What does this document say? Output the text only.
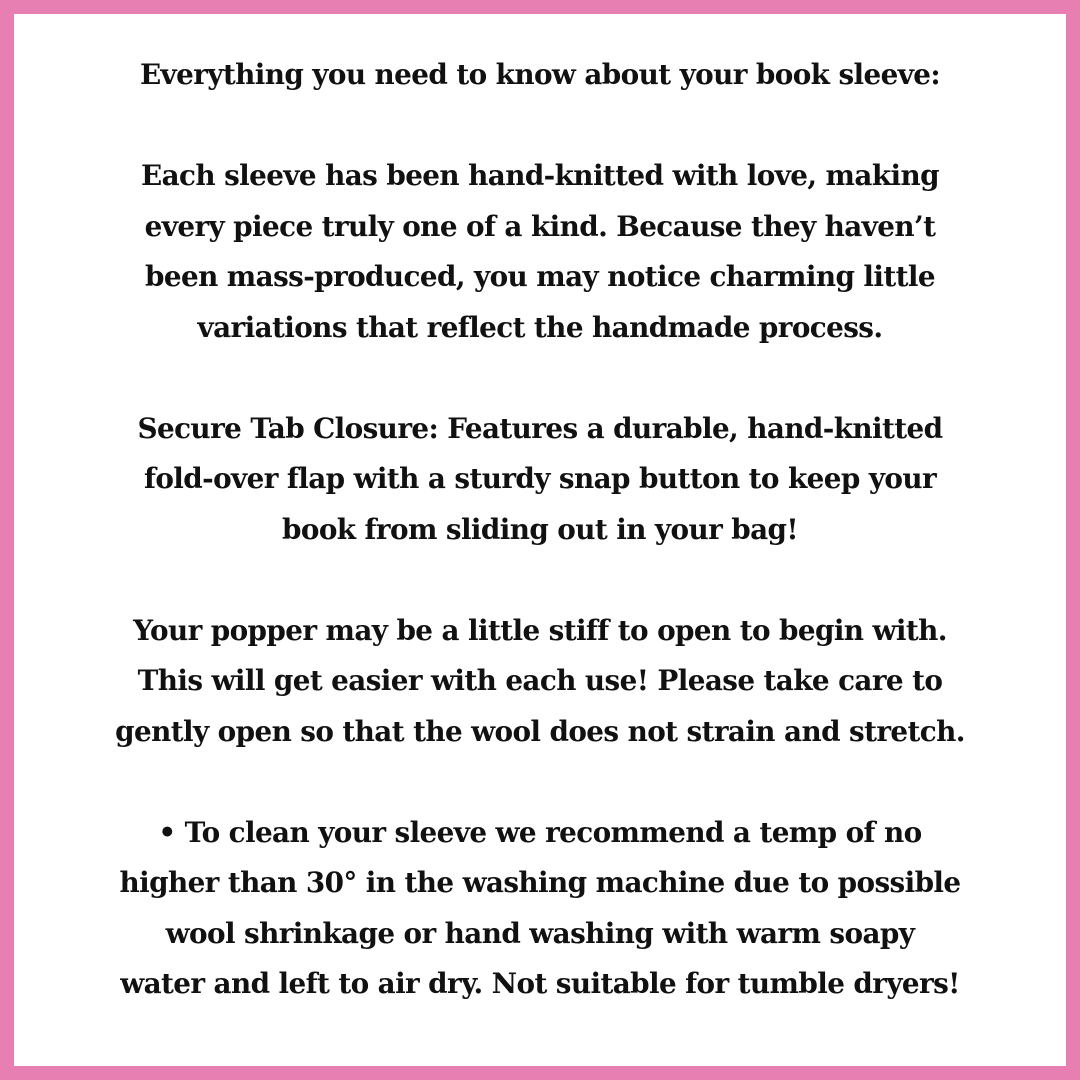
Everything you need to know about your book sleeve:

Each sleeve has been hand-knitted with love, making
every piece truly one of a kind. Because they haven’t
been mass-produced, you may notice charming little
variations that reflect the handmade process.

Secure Tab Closure: Features a durable, hand-knitted
fold-over flap with a sturdy snap button to keep your
book from sliding out in your bag!

Your popper may be a little stiff to open to begin with.
This will get easier with each use! Please take care to
gently open so that the wool does not strain and stretch.

• To clean your sleeve we recommend a temp of no
higher than 30° in the washing machine due to possible
wool shrinkage or hand washing with warm soapy
water and left to air dry. Not suitable for tumble dryers!
